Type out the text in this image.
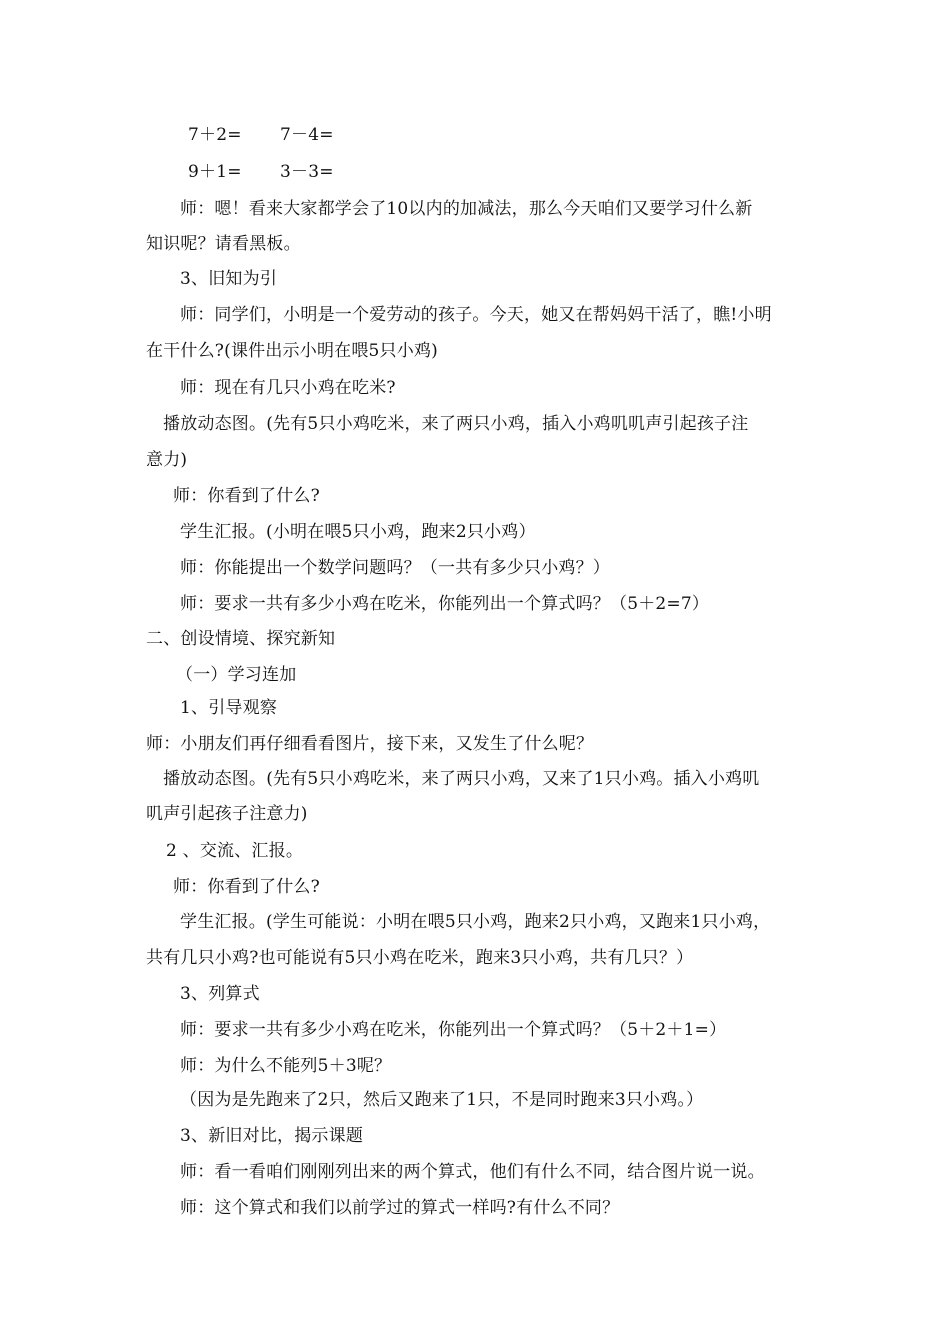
7＋2= 7－4=
9＋1= 3－3=
师：嗯！看来大家都学会了10以内的加减法，那么今天咱们又要学习什么新
知识呢？请看黑板。
3、旧知为引
师：同学们，小明是一个爱劳动的孩子。今天，她又在帮妈妈干活了，瞧!小明
在干什么?(课件出示小明在喂5只小鸡)
师：现在有几只小鸡在吃米?
播放动态图。(先有5只小鸡吃米，来了两只小鸡，插入小鸡叽叽声引起孩子注
意力)
师：你看到了什么?
学生汇报。(小明在喂5只小鸡，跑来2只小鸡）
师：你能提出一个数学问题吗？（一共有多少只小鸡？）
师：要求一共有多少小鸡在吃米，你能列出一个算式吗？（5＋2=7）
二、创设情境、探究新知
（一）学习连加
1、引导观察
师：小朋友们再仔细看看图片，接下来，又发生了什么呢？
播放动态图。(先有5只小鸡吃米，来了两只小鸡，又来了1只小鸡。插入小鸡叽
叽声引起孩子注意力)
2 、交流、汇报。
师：你看到了什么?
学生汇报。(学生可能说：小明在喂5只小鸡，跑来2只小鸡，又跑来1只小鸡，
共有几只小鸡?也可能说有5只小鸡在吃米，跑来3只小鸡，共有几只？）
3、列算式
师：要求一共有多少小鸡在吃米，你能列出一个算式吗？（5＋2＋1=）
师：为什么不能列5＋3呢？
（因为是先跑来了2只，然后又跑来了1只，不是同时跑来3只小鸡。）
3、新旧对比，揭示课题
师：看一看咱们刚刚列出来的两个算式，他们有什么不同，结合图片说一说。
师：这个算式和我们以前学过的算式一样吗?有什么不同？
